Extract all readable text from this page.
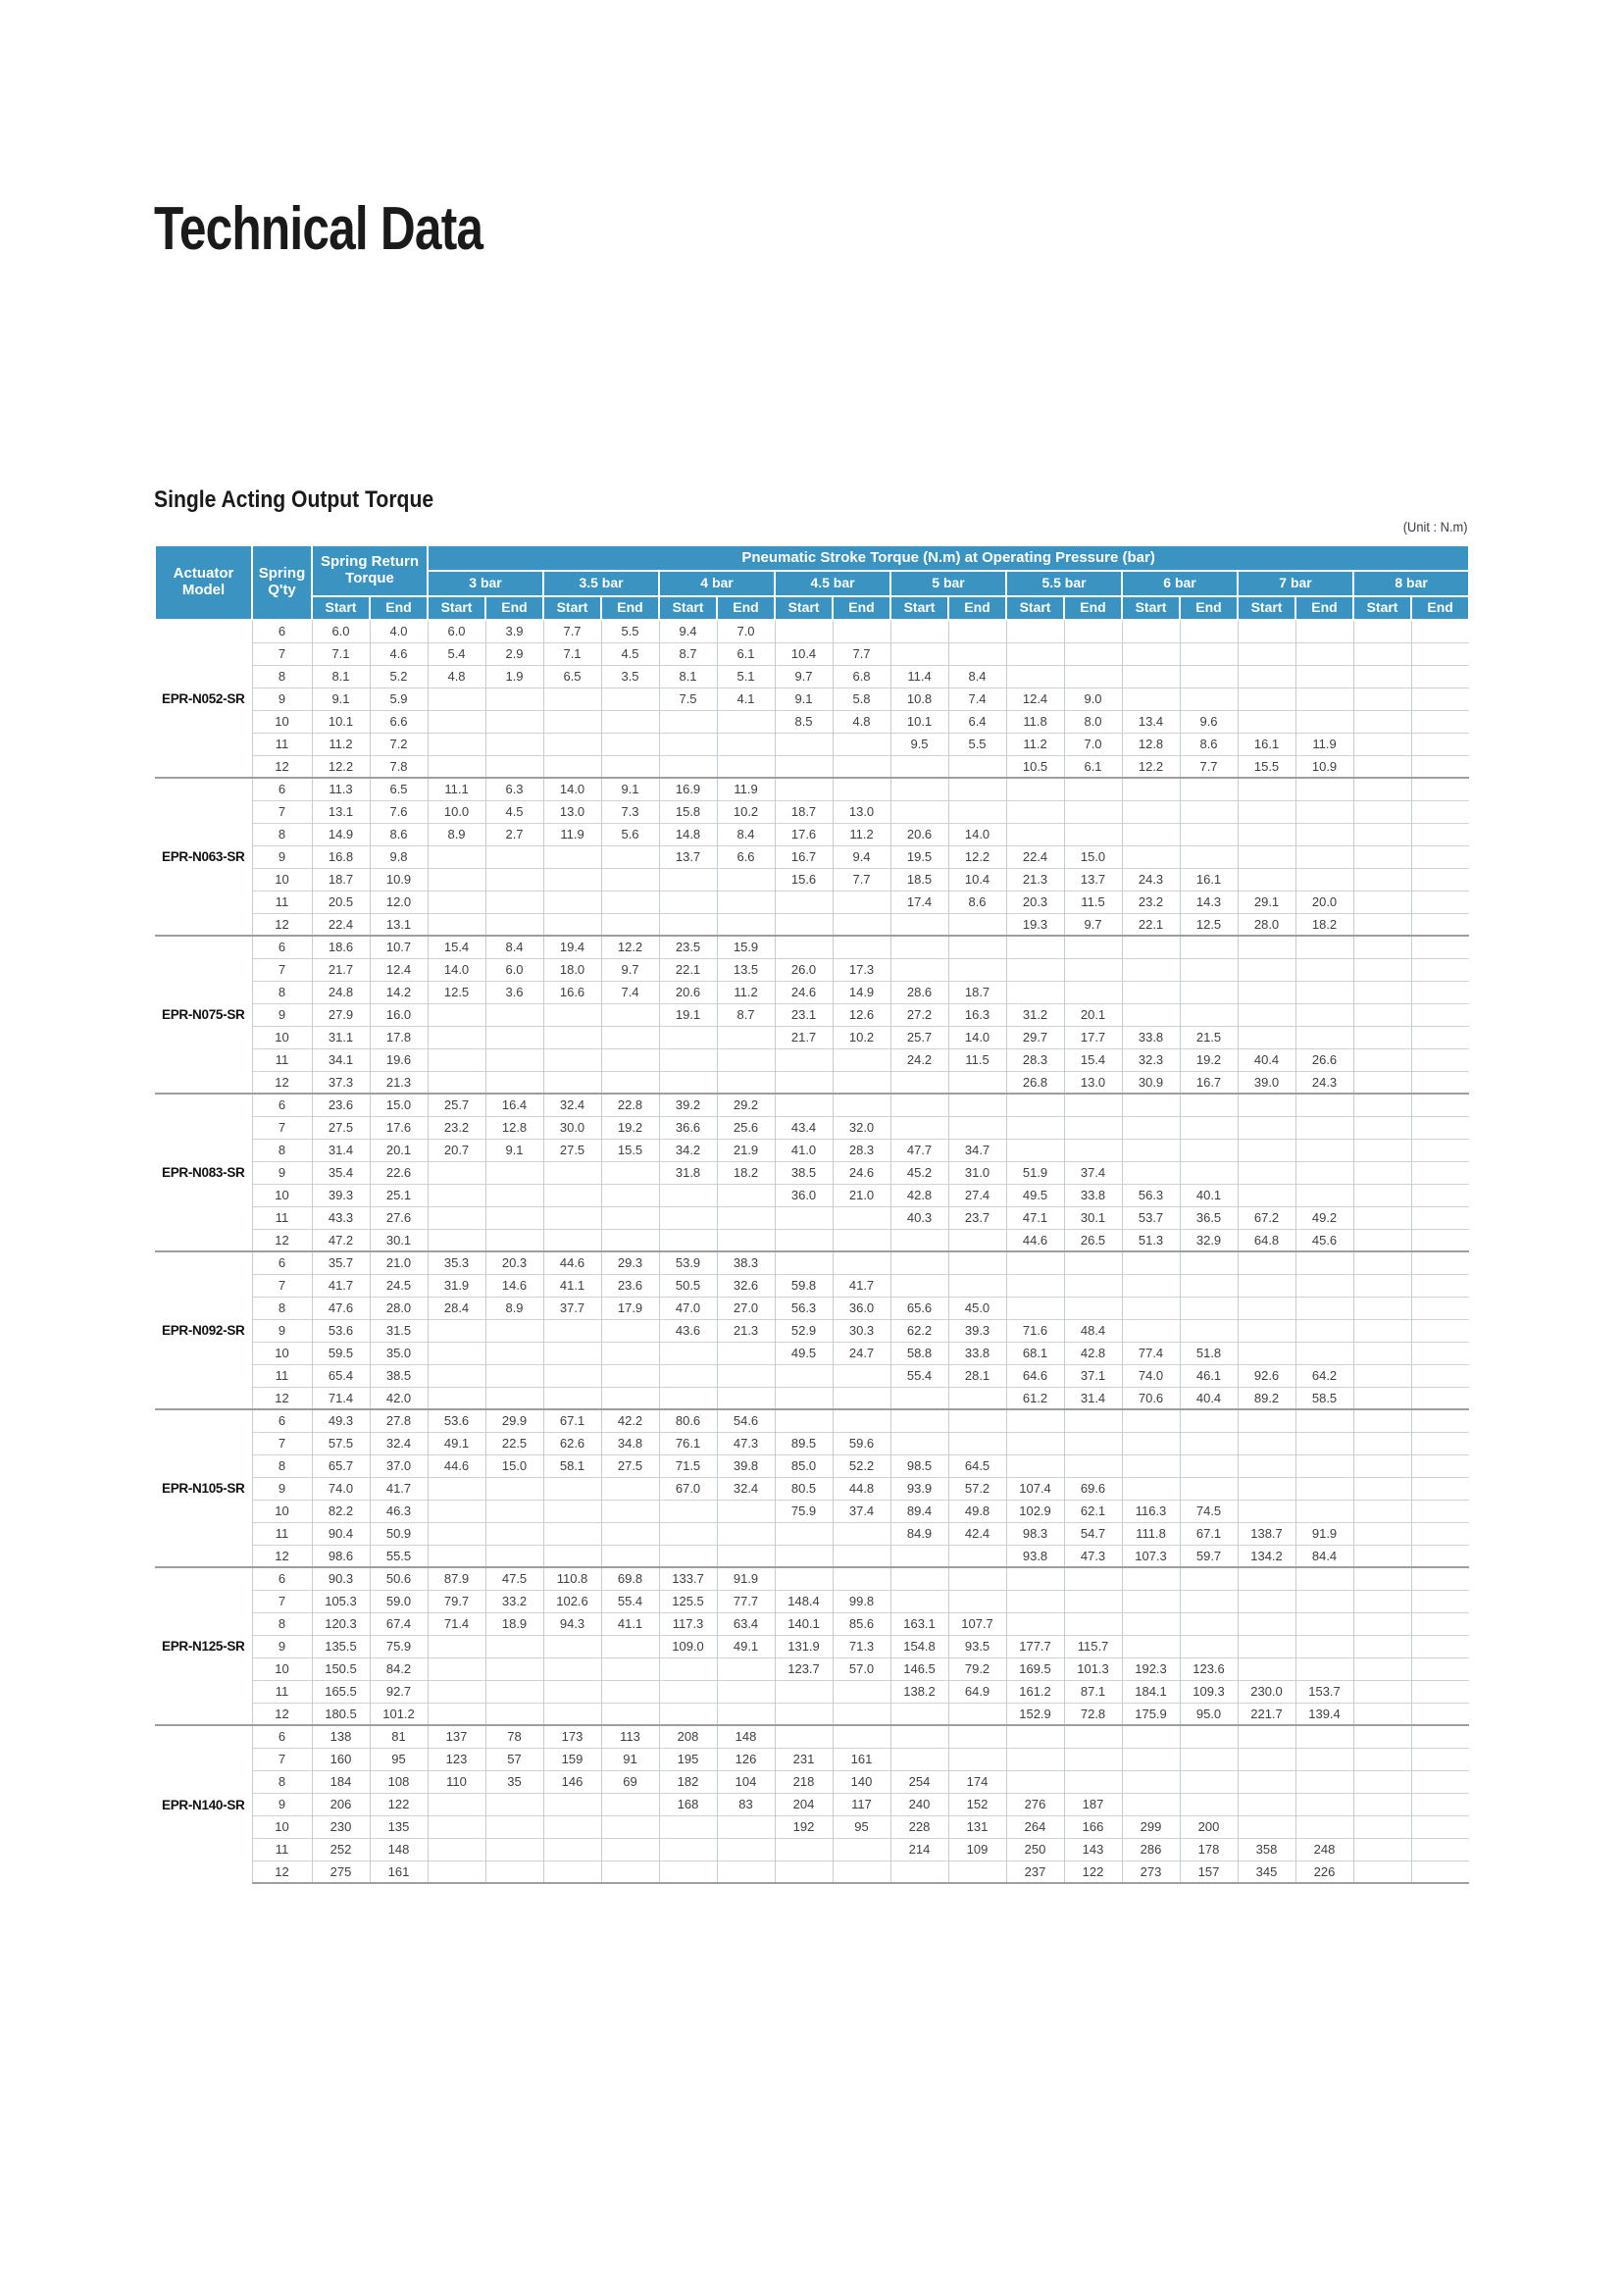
Technical Data
Single Acting Output Torque
(Unit : N.m)
Actuator Model	Spring Q'ty	Spring Return Torque		Pneumatic Stroke Torque (N.m) at Operating Pressure (bar)																	
				3 bar		3.5 bar		4 bar		4.5 bar		5 bar		5.5 bar		6 bar		7 bar		8 bar	
		Start	End	Start	End	Start	End	Start	End	Start	End	Start	End	Start	End	Start	End	Start	End	Start	End
EPR-N052-SR	6	6.0	4.0	6.0	3.9	7.7	5.5	9.4	7.0												
	7	7.1	4.6	5.4	2.9	7.1	4.5	8.7	6.1	10.4	7.7										
	8	8.1	5.2	4.8	1.9	6.5	3.5	8.1	5.1	9.7	6.8	11.4	8.4								
	9	9.1	5.9					7.5	4.1	9.1	5.8	10.8	7.4	12.4	9.0						
	10	10.1	6.6							8.5	4.8	10.1	6.4	11.8	8.0	13.4	9.6				
	11	11.2	7.2									9.5	5.5	11.2	7.0	12.8	8.6	16.1	11.9		
	12	12.2	7.8											10.5	6.1	12.2	7.7	15.5	10.9		
EPR-N063-SR	6	11.3	6.5	11.1	6.3	14.0	9.1	16.9	11.9												
	7	13.1	7.6	10.0	4.5	13.0	7.3	15.8	10.2	18.7	13.0										
	8	14.9	8.6	8.9	2.7	11.9	5.6	14.8	8.4	17.6	11.2	20.6	14.0								
	9	16.8	9.8					13.7	6.6	16.7	9.4	19.5	12.2	22.4	15.0						
	10	18.7	10.9							15.6	7.7	18.5	10.4	21.3	13.7	24.3	16.1				
	11	20.5	12.0									17.4	8.6	20.3	11.5	23.2	14.3	29.1	20.0		
	12	22.4	13.1											19.3	9.7	22.1	12.5	28.0	18.2		
EPR-N075-SR	6	18.6	10.7	15.4	8.4	19.4	12.2	23.5	15.9												
	7	21.7	12.4	14.0	6.0	18.0	9.7	22.1	13.5	26.0	17.3										
	8	24.8	14.2	12.5	3.6	16.6	7.4	20.6	11.2	24.6	14.9	28.6	18.7								
	9	27.9	16.0					19.1	8.7	23.1	12.6	27.2	16.3	31.2	20.1						
	10	31.1	17.8							21.7	10.2	25.7	14.0	29.7	17.7	33.8	21.5				
	11	34.1	19.6									24.2	11.5	28.3	15.4	32.3	19.2	40.4	26.6		
	12	37.3	21.3											26.8	13.0	30.9	16.7	39.0	24.3		
EPR-N083-SR	6	23.6	15.0	25.7	16.4	32.4	22.8	39.2	29.2												
	7	27.5	17.6	23.2	12.8	30.0	19.2	36.6	25.6	43.4	32.0										
	8	31.4	20.1	20.7	9.1	27.5	15.5	34.2	21.9	41.0	28.3	47.7	34.7								
	9	35.4	22.6					31.8	18.2	38.5	24.6	45.2	31.0	51.9	37.4						
	10	39.3	25.1							36.0	21.0	42.8	27.4	49.5	33.8	56.3	40.1				
	11	43.3	27.6									40.3	23.7	47.1	30.1	53.7	36.5	67.2	49.2		
	12	47.2	30.1											44.6	26.5	51.3	32.9	64.8	45.6		
EPR-N092-SR	6	35.7	21.0	35.3	20.3	44.6	29.3	53.9	38.3												
	7	41.7	24.5	31.9	14.6	41.1	23.6	50.5	32.6	59.8	41.7										
	8	47.6	28.0	28.4	8.9	37.7	17.9	47.0	27.0	56.3	36.0	65.6	45.0								
	9	53.6	31.5					43.6	21.3	52.9	30.3	62.2	39.3	71.6	48.4						
	10	59.5	35.0							49.5	24.7	58.8	33.8	68.1	42.8	77.4	51.8				
	11	65.4	38.5									55.4	28.1	64.6	37.1	74.0	46.1	92.6	64.2		
	12	71.4	42.0											61.2	31.4	70.6	40.4	89.2	58.5		
EPR-N105-SR	6	49.3	27.8	53.6	29.9	67.1	42.2	80.6	54.6												
	7	57.5	32.4	49.1	22.5	62.6	34.8	76.1	47.3	89.5	59.6										
	8	65.7	37.0	44.6	15.0	58.1	27.5	71.5	39.8	85.0	52.2	98.5	64.5								
	9	74.0	41.7					67.0	32.4	80.5	44.8	93.9	57.2	107.4	69.6						
	10	82.2	46.3							75.9	37.4	89.4	49.8	102.9	62.1	116.3	74.5				
	11	90.4	50.9									84.9	42.4	98.3	54.7	111.8	67.1	138.7	91.9		
	12	98.6	55.5											93.8	47.3	107.3	59.7	134.2	84.4		
EPR-N125-SR	6	90.3	50.6	87.9	47.5	110.8	69.8	133.7	91.9												
	7	105.3	59.0	79.7	33.2	102.6	55.4	125.5	77.7	148.4	99.8										
	8	120.3	67.4	71.4	18.9	94.3	41.1	117.3	63.4	140.1	85.6	163.1	107.7								
	9	135.5	75.9					109.0	49.1	131.9	71.3	154.8	93.5	177.7	115.7						
	10	150.5	84.2							123.7	57.0	146.5	79.2	169.5	101.3	192.3	123.6				
	11	165.5	92.7									138.2	64.9	161.2	87.1	184.1	109.3	230.0	153.7		
	12	180.5	101.2											152.9	72.8	175.9	95.0	221.7	139.4		
EPR-N140-SR	6	138	81	137	78	173	113	208	148												
	7	160	95	123	57	159	91	195	126	231	161										
	8	184	108	110	35	146	69	182	104	218	140	254	174								
	9	206	122					168	83	204	117	240	152	276	187						
	10	230	135							192	95	228	131	264	166	299	200				
	11	252	148									214	109	250	143	286	178	358	248		
	12	275	161											237	122	273	157	345	226		
